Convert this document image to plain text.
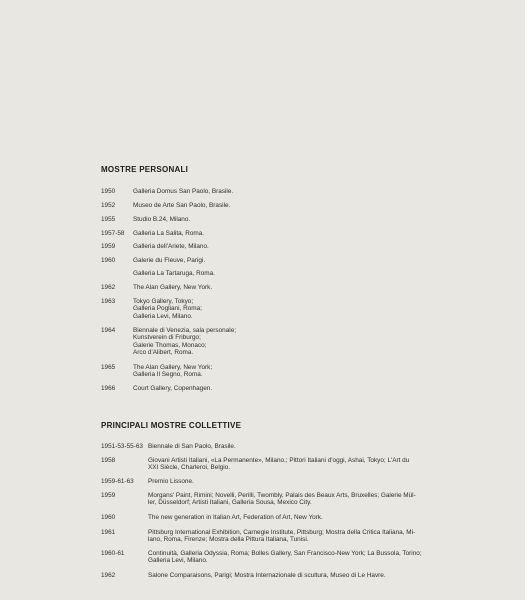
MOSTRE PERSONALI
1950	Galleria Domus San Paolo, Brasile.
1952	Museo de Arte San Paolo, Brasile.
1955	Studio B.24, Milano.
1957-58 Galleria La Salita, Roma.
1959	Galleria dell'Ariete, Milano.
1960	Galerie du Fleuve, Parigi.
Galleria La Tartaruga, Roma.
1962	The Alan Gallery, New York.
1963	Tokyo Gallery, Tokyo;
Galleria Pogliani, Roma;
Galleria Levi, Milano.
1964	Biennale di Venezia, sala personale;
Kunstverein di Friburgo;
Galerie Thomas, Monaco;
Arco d'Alibert, Roma.
1965	The Alan Gallery, New York;
Galleria Il Segno, Roma.
1966	Court Gallery, Copenhagen.
PRINCIPALI MOSTRE COLLETTIVE
1951-53-55-63 Biennale di San Paolo, Brasile.
1958	Giovani Artisti Italiani, «La Permanente», Milano.; Pittori Italiani d'oggi, Ashai, Tokyo; L'Art du
XXI Siècle, Charleroi, Belgio.
1959-61-63 Premio Lissone.
1959	Morgans' Paint, Rimini; Novelli, Perilli, Twombly, Palais des Beaux Arts, Bruxelles; Galerie Mül-
ler, Düsseldorf; Artisti Italiani, Galleria Sousa, Mexico City.
1960	The new generation in Italian Art, Federation of Art, New York.
1961	Pittsburg International Exhibition, Carnegie Institute, Pittsburg; Mostra della Critica Italiana, Mi-
lano, Roma, Firenze; Mostra della Pittura Italiana, Tunisi.
1960-61	Continuità, Galleria Odyssia, Roma; Bolles Gallery, San Francisco-New York; La Bussola, Torino;
Galleria Levi, Milano.
1962	Salone Comparaisons, Parigi; Mostra Internazionale di scultura, Museo di Le Havre.
